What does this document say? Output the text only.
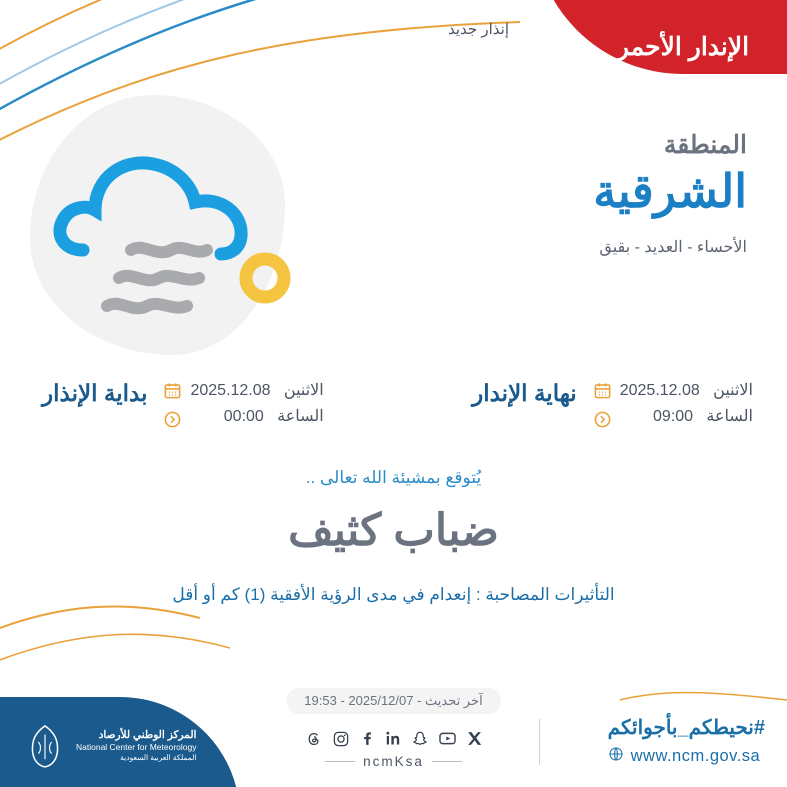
الإندار الأحمر
إنذار جديد
المنطقة
الشرقية
الأحساء - العديد - بقيق
الاثنين   2025.12.08
الساعة   09:00
نهاية الإندار
الاثنين   2025.12.08
الساعة   00:00
بداية الإنذار
يُتوقع بمشيئة الله تعالى ..
ضباب كثيف
التأثيرات المصاحبة : إنعدام في مدى الرؤية الأفقية (1) كم أو أقل
آخر تحديث - 2025/12/07 - 19:53
المركز الوطني للأرصاد
National Center for Meteorology
المملكة العربية السعودية	ncmKsa
#نحيطكم_بأجوائكم
www.ncm.gov.sa
